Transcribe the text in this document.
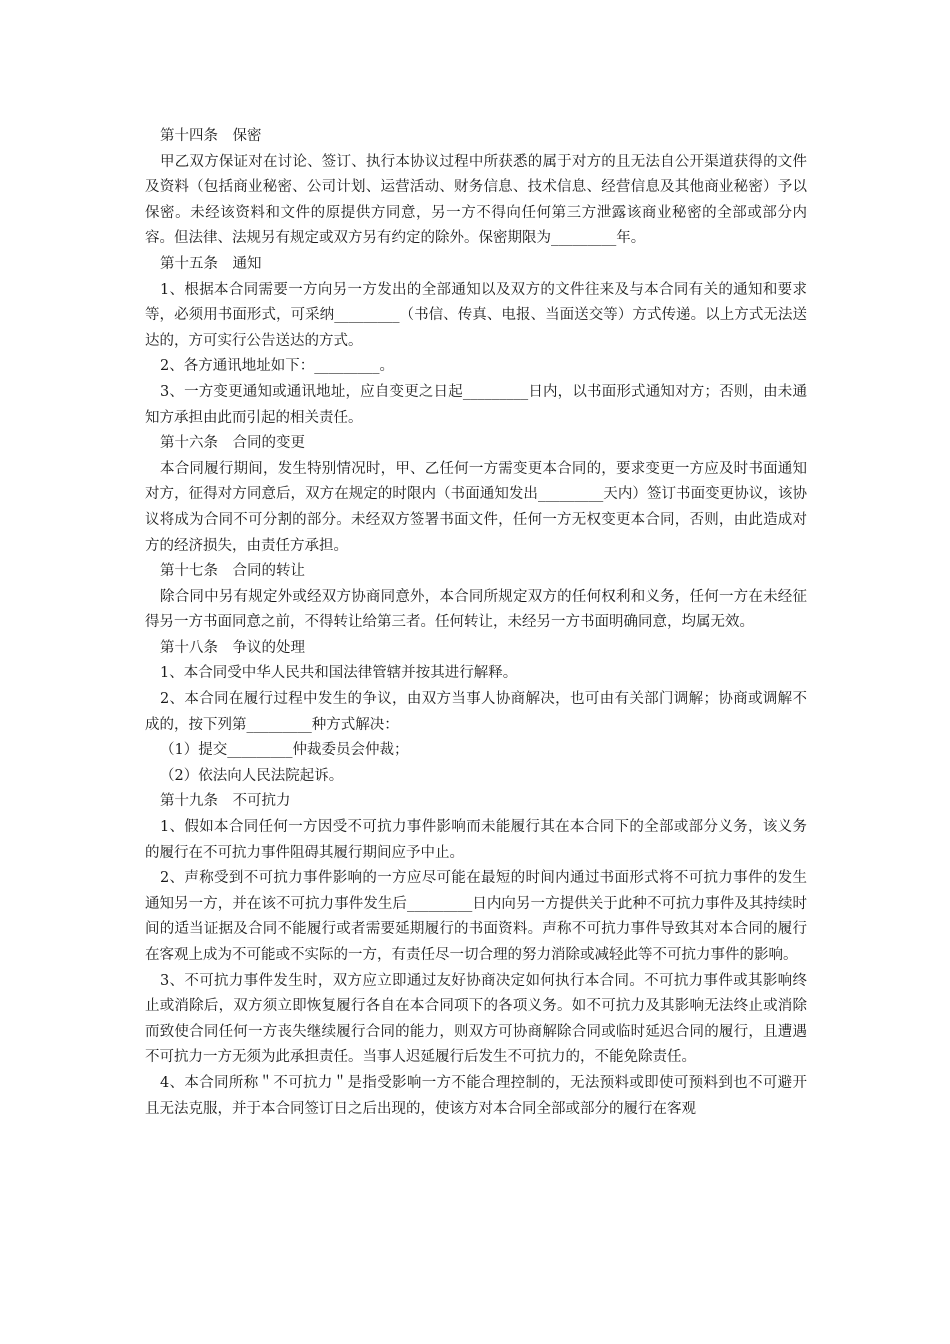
第十四条　保密

甲乙双方保证对在讨论、签订、执行本协议过程中所获悉的属于对方的且无法自公开渠道获得的文件及资料（包括商业秘密、公司计划、运营活动、财务信息、技术信息、经营信息及其他商业秘密）予以保密。未经该资料和文件的原提供方同意，另一方不得向任何第三方泄露该商业秘密的全部或部分内容。但法律、法规另有规定或双方另有约定的除外。保密期限为_________年。

第十五条　通知

1、根据本合同需要一方向另一方发出的全部通知以及双方的文件往来及与本合同有关的通知和要求等，必须用书面形式，可采纳_________（书信、传真、电报、当面送交等）方式传递。以上方式无法送达的，方可实行公告送达的方式。

2、各方通讯地址如下：_________。

3、一方变更通知或通讯地址，应自变更之日起_________日内，以书面形式通知对方；否则，由未通知方承担由此而引起的相关责任。

第十六条　合同的变更

本合同履行期间，发生特别情况时，甲、乙任何一方需变更本合同的，要求变更一方应及时书面通知对方，征得对方同意后，双方在规定的时限内（书面通知发出_________天内）签订书面变更协议，该协议将成为合同不可分割的部分。未经双方签署书面文件，任何一方无权变更本合同，否则，由此造成对方的经济损失，由责任方承担。

第十七条　合同的转让

除合同中另有规定外或经双方协商同意外，本合同所规定双方的任何权利和义务，任何一方在未经征得另一方书面同意之前，不得转让给第三者。任何转让，未经另一方书面明确同意，均属无效。

第十八条　争议的处理

1、本合同受中华人民共和国法律管辖并按其进行解释。

2、本合同在履行过程中发生的争议，由双方当事人协商解决，也可由有关部门调解；协商或调解不成的，按下列第_________种方式解决：

（1）提交_________仲裁委员会仲裁；

（2）依法向人民法院起诉。

第十九条　不可抗力

1、假如本合同任何一方因受不可抗力事件影响而未能履行其在本合同下的全部或部分义务，该义务的履行在不可抗力事件阻碍其履行期间应予中止。

2、声称受到不可抗力事件影响的一方应尽可能在最短的时间内通过书面形式将不可抗力事件的发生通知另一方，并在该不可抗力事件发生后_________日内向另一方提供关于此种不可抗力事件及其持续时间的适当证据及合同不能履行或者需要延期履行的书面资料。声称不可抗力事件导致其对本合同的履行在客观上成为不可能或不实际的一方，有责任尽一切合理的努力消除或减轻此等不可抗力事件的影响。

3、不可抗力事件发生时，双方应立即通过友好协商决定如何执行本合同。不可抗力事件或其影响终止或消除后，双方须立即恢复履行各自在本合同项下的各项义务。如不可抗力及其影响无法终止或消除而致使合同任何一方丧失继续履行合同的能力，则双方可协商解除合同或临时延迟合同的履行，且遭遇不可抗力一方无须为此承担责任。当事人迟延履行后发生不可抗力的，不能免除责任。

4、本合同所称＂不可抗力＂是指受影响一方不能合理控制的，无法预料或即使可预料到也不可避开且无法克服，并于本合同签订日之后出现的，使该方对本合同全部或部分的履行在客观
